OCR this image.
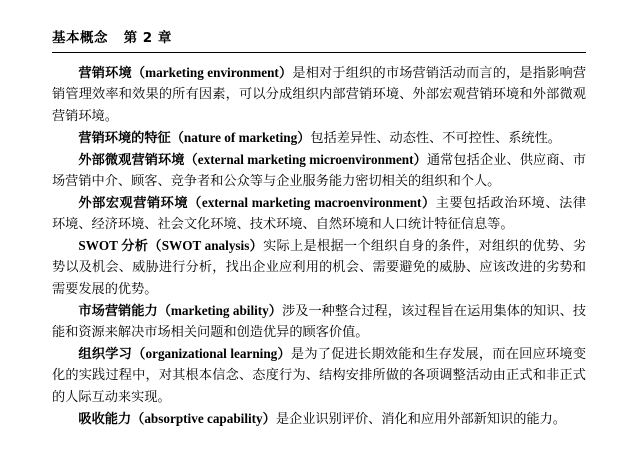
基本概念   第 2 章

营销环境（marketing environment）是相对于组织的市场营销活动而言的，是指影响营销管理效率和效果的所有因素，可以分成组织内部营销环境、外部宏观营销环境和外部微观营销环境。

营销环境的特征（nature of marketing）包括差异性、动态性、不可控性、系统性。

外部微观营销环境（external marketing microenvironment）通常包括企业、供应商、市场营销中介、顾客、竞争者和公众等与企业服务能力密切相关的组织和个人。

外部宏观营销环境（external marketing macroenvironment）主要包括政治环境、法律环境、经济环境、社会文化环境、技术环境、自然环境和人口统计特征信息等。

SWOT 分析（SWOT analysis）实际上是根据一个组织自身的条件，对组织的优势、劣势以及机会、威胁进行分析，找出企业应利用的机会、需要避免的威胁、应该改进的劣势和需要发展的优势。

市场营销能力（marketing ability）涉及一种整合过程，该过程旨在运用集体的知识、技能和资源来解决市场相关问题和创造优异的顾客价值。

组织学习（organizational learning）是为了促进长期效能和生存发展，而在回应环境变化的实践过程中，对其根本信念、态度行为、结构安排所做的各项调整活动由正式和非正式的人际互动来实现。

吸收能力（absorptive capability）是企业识别评价、消化和应用外部新知识的能力。
